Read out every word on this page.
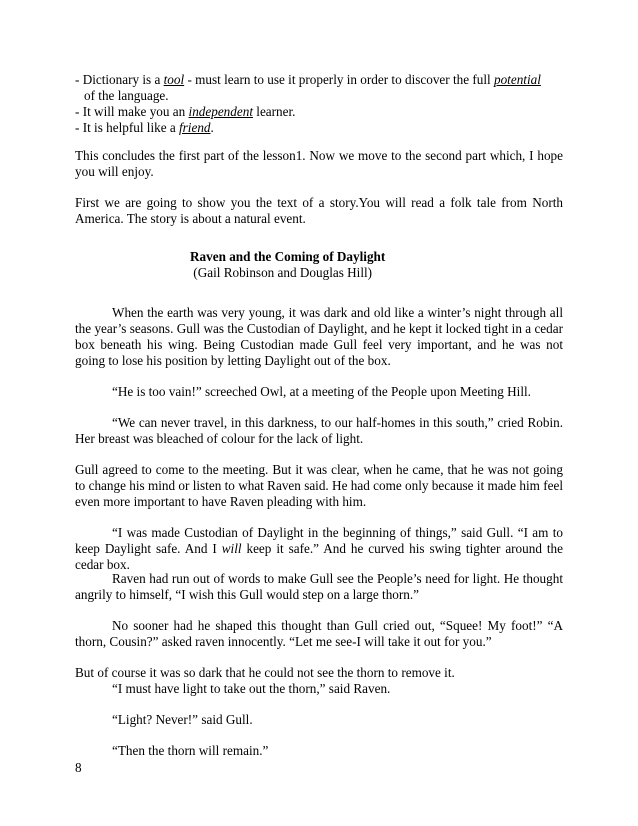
- Dictionary is a tool - must learn to use it properly in order to discover the full potential

of the language.

- It will make you an independent learner.

- It is helpful like a friend.

This concludes the first part of the lesson1. Now we move to the second part which, I hope you will enjoy.

First we are going to show you the text of a story.You will read a folk tale from North America. The story is about a natural event.

Raven and the Coming of Daylight

(Gail Robinson and Douglas Hill)

When the earth was very young, it was dark and old like a winter’s night through all the year’s seasons. Gull was the Custodian of Daylight, and he kept it locked tight in a cedar box beneath his wing. Being Custodian made Gull feel very important, and he was not going to lose his position by letting Daylight out of the box.

“He is too vain!” screeched Owl, at a meeting of the People upon Meeting Hill.

“We can never travel, in this darkness, to our half-homes in this south,” cried Robin. Her breast was bleached of colour for the lack of light.

Gull agreed to come to the meeting. But it was clear, when he came, that he was not going to change his mind or listen to what Raven said. He had come only because it made him feel even more important to have Raven pleading with him.

“I was made Custodian of Daylight in the beginning of things,” said Gull. “I am to keep Daylight safe. And I will keep it safe.” And he curved his swing tighter around the cedar box.

Raven had run out of words to make Gull see the People’s need for light. He thought angrily to himself, “I wish this Gull would step on a large thorn.”

No sooner had he shaped this thought than Gull cried out, “Squee! My foot!” “A thorn, Cousin?” asked raven innocently. “Let me see-I will take it out for you.”

But of course it was so dark that he could not see the thorn to remove it.

“I must have light to take out the thorn,” said Raven.

“Light? Never!” said Gull.

“Then the thorn will remain.”

8
